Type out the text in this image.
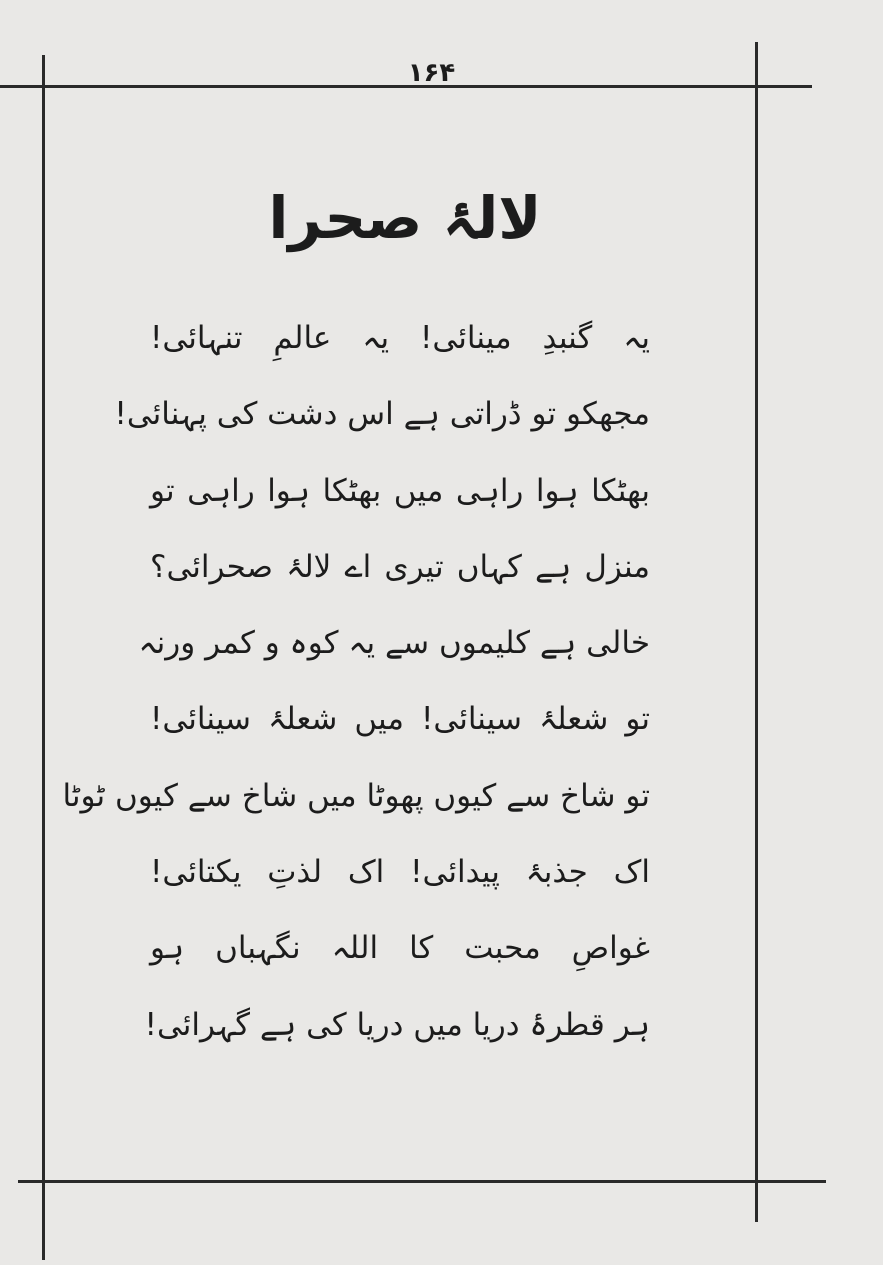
۱۶۴
لالۂ صحرا
یہ گنبدِ مینائی! یہ عالمِ تنہائی!
مجھکو تو ڈراتی ہے اس دشت کی پہنائی!
بھٹکا ہوا راہی میں بھٹکا ہوا راہی تو
منزل ہے کہاں تیری اے لالۂ صحرائی؟
خالی ہے کلیموں سے یہ کوہ و کمر ورنہ
تو شعلۂ سینائی! میں شعلۂ سینائی!
تو شاخ سے کیوں پھوٹا میں شاخ سے کیوں ٹوٹا
اک جذبۂ پیدائی! اک لذتِ یکتائی!
غواصِ محبت کا اللہ نگہباں ہو
ہر قطرۂ دریا میں دریا کی ہے گہرائی!
